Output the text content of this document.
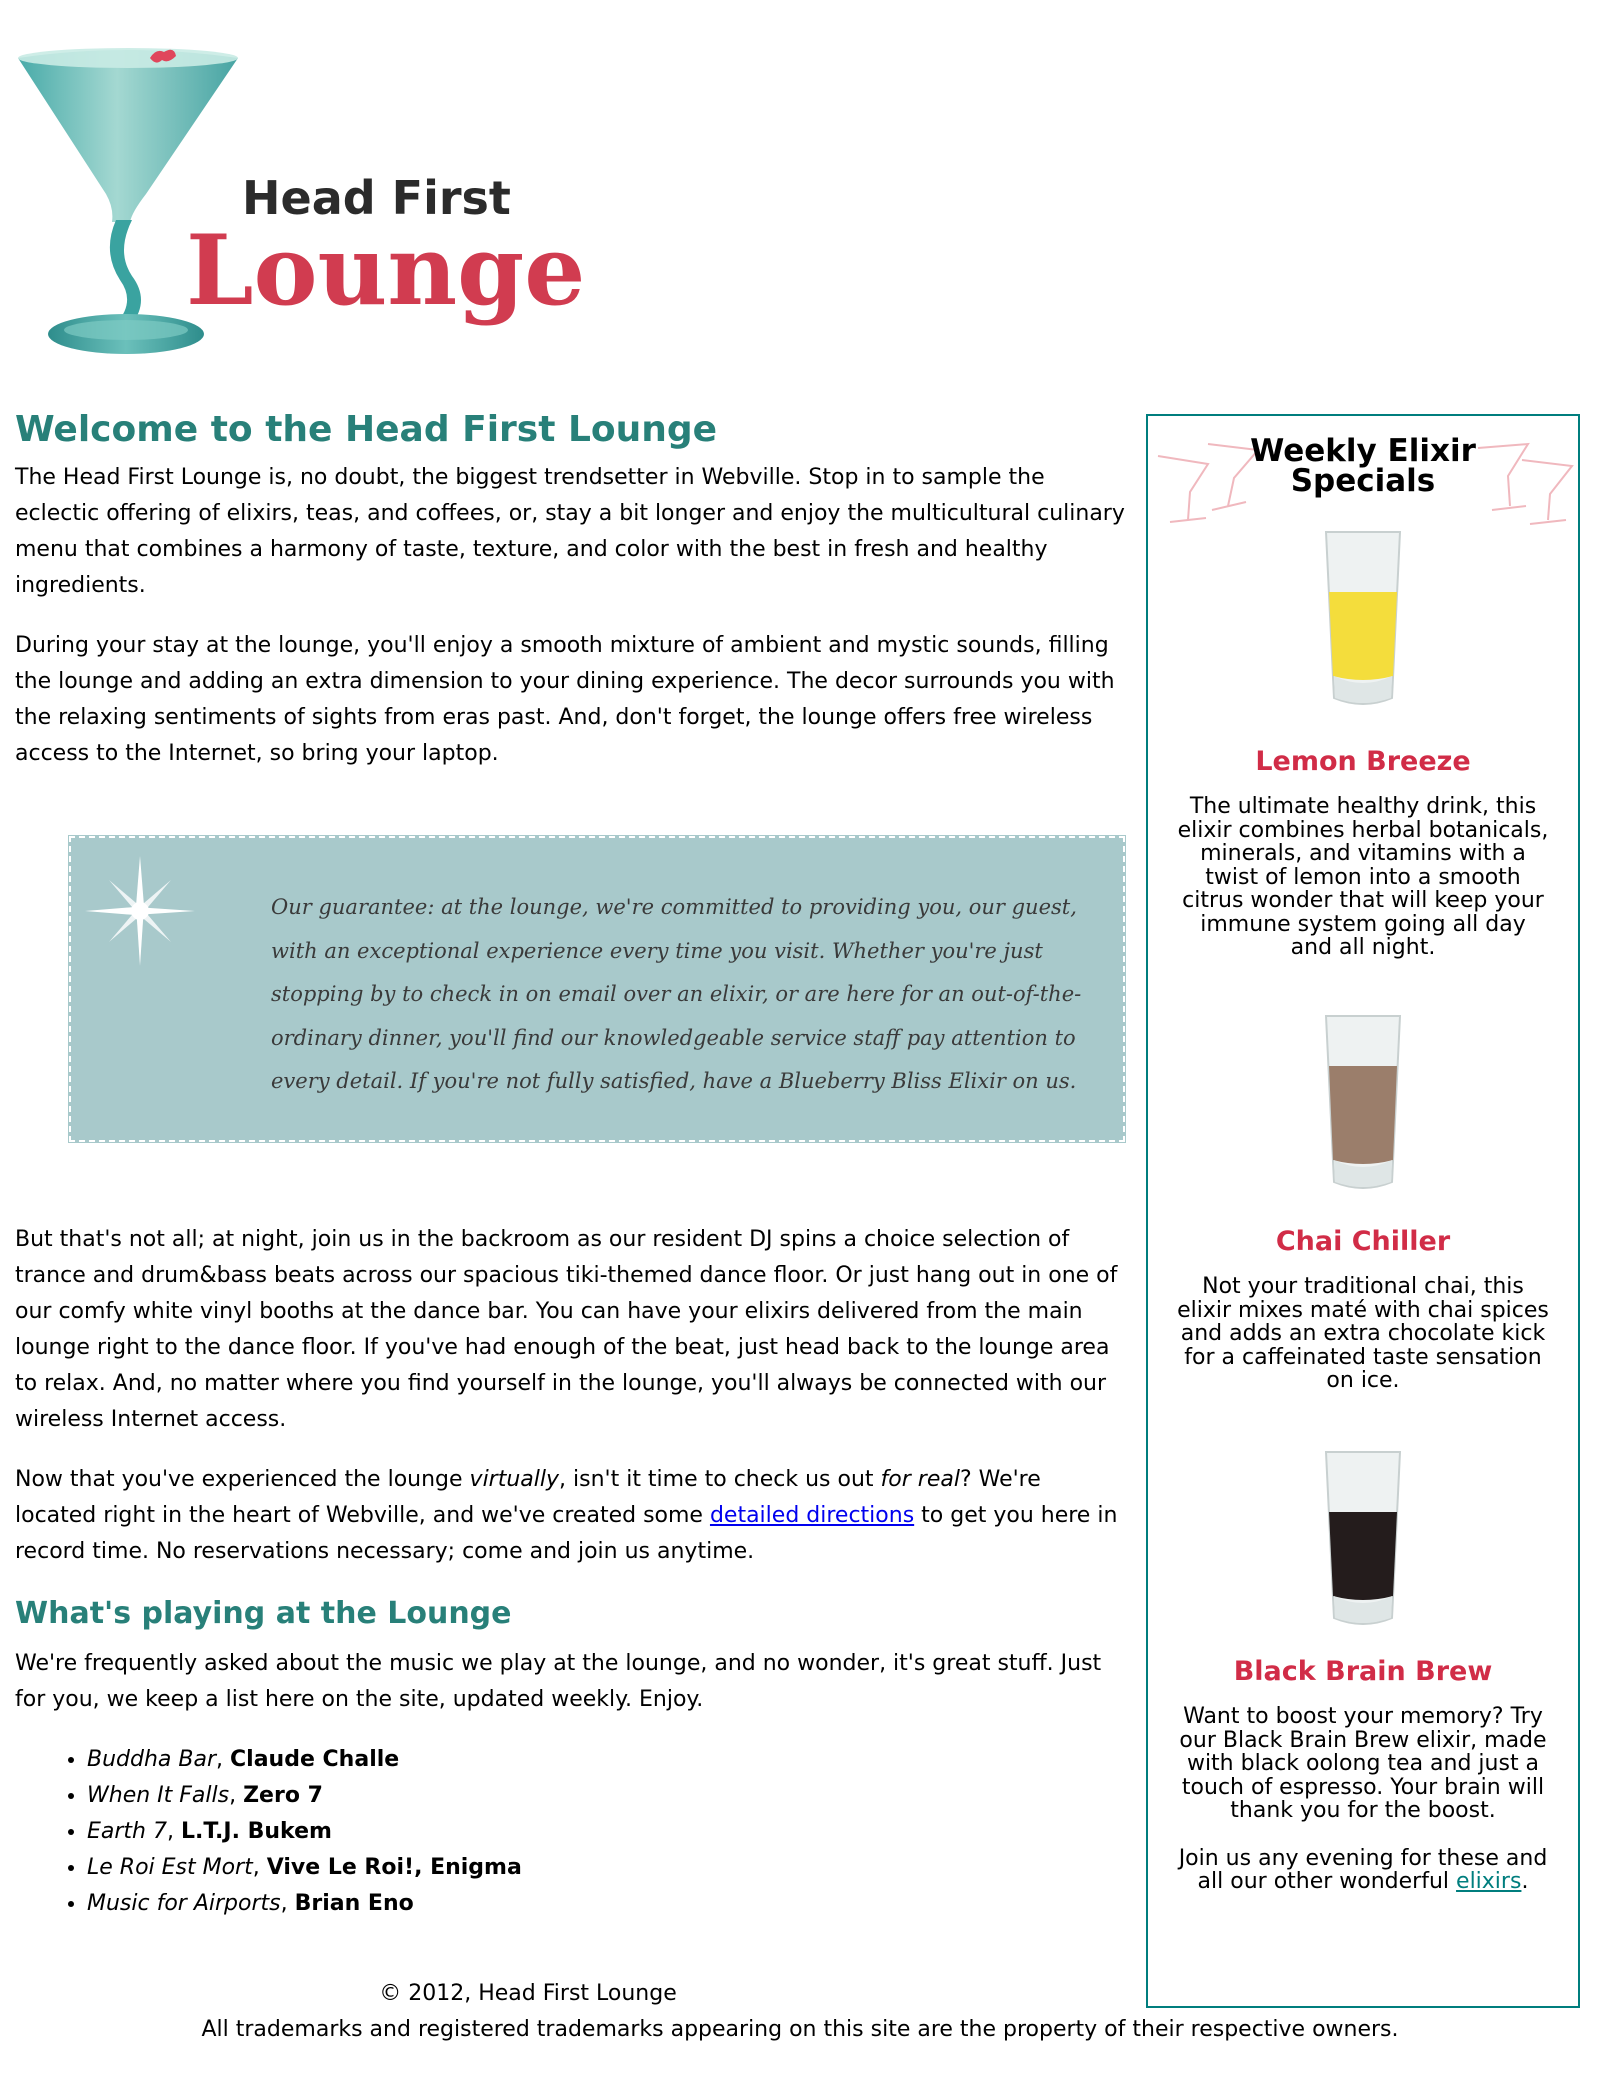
Head First
Lounge
Weekly Elixir
Specials
Lemon Breeze

The ultimate healthy drink, this elixir combines herbal botanicals, minerals, and vitamins with a twist of lemon into a smooth citrus wonder that will keep your immune system going all day and all night.

Chai Chiller

Not your traditional chai, this elixir mixes maté with chai spices and adds an extra chocolate kick for a caffeinated taste sensation on ice.

Black Brain Brew

Want to boost your memory? Try our Black Brain Brew elixir, made with black oolong tea and just a touch of espresso. Your brain will thank you for the boost.

Join us any evening for these and all our other wonderful elixirs.

Welcome to the Head First Lounge

The Head First Lounge is, no doubt, the biggest trendsetter in Webville. Stop in to sample the eclectic offering of elixirs, teas, and coffees, or, stay a bit longer and enjoy the multicultural culinary menu that combines a harmony of taste, texture, and color with the best in fresh and healthy ingredients.

During your stay at the lounge, you'll enjoy a smooth mixture of ambient and mystic sounds, filling the lounge and adding an extra dimension to your dining experience. The decor surrounds you with the relaxing sentiments of sights from eras past. And, don't forget, the lounge offers free wireless access to the Internet, so bring your laptop.

Our guarantee: at the lounge, we're committed to providing you, our guest, with an exceptional experience every time you visit. Whether you're just stopping by to check in on email over an elixir, or are here for an out-of-the-ordinary dinner, you'll find our knowledgeable service staff pay attention to every detail. If you're not fully satisfied, have a Blueberry Bliss Elixir on us.

But that's not all; at night, join us in the backroom as our resident DJ spins a choice selection of trance and drum&bass beats across our spacious tiki-themed dance floor. Or just hang out in one of our comfy white vinyl booths at the dance bar. You can have your elixirs delivered from the main lounge right to the dance floor. If you've had enough of the beat, just head back to the lounge area to relax. And, no matter where you find yourself in the lounge, you'll always be connected with our wireless Internet access.

Now that you've experienced the lounge virtually, isn't it time to check us out for real? We're located right in the heart of Webville, and we've created some detailed directions to get you here in record time. No reservations necessary; come and join us anytime.

What's playing at the Lounge

We're frequently asked about the music we play at the lounge, and no wonder, it's great stuff. Just for you, we keep a list here on the site, updated weekly. Enjoy.

• Buddha Bar, Claude Challe
• When It Falls, Zero 7
• Earth 7, L.T.J. Bukem
• Le Roi Est Mort, Vive Le Roi!, Enigma
• Music for Airports, Brian Eno
© 2012, Head First Lounge
All trademarks and registered trademarks appearing on this site are the property of their respective owners.
